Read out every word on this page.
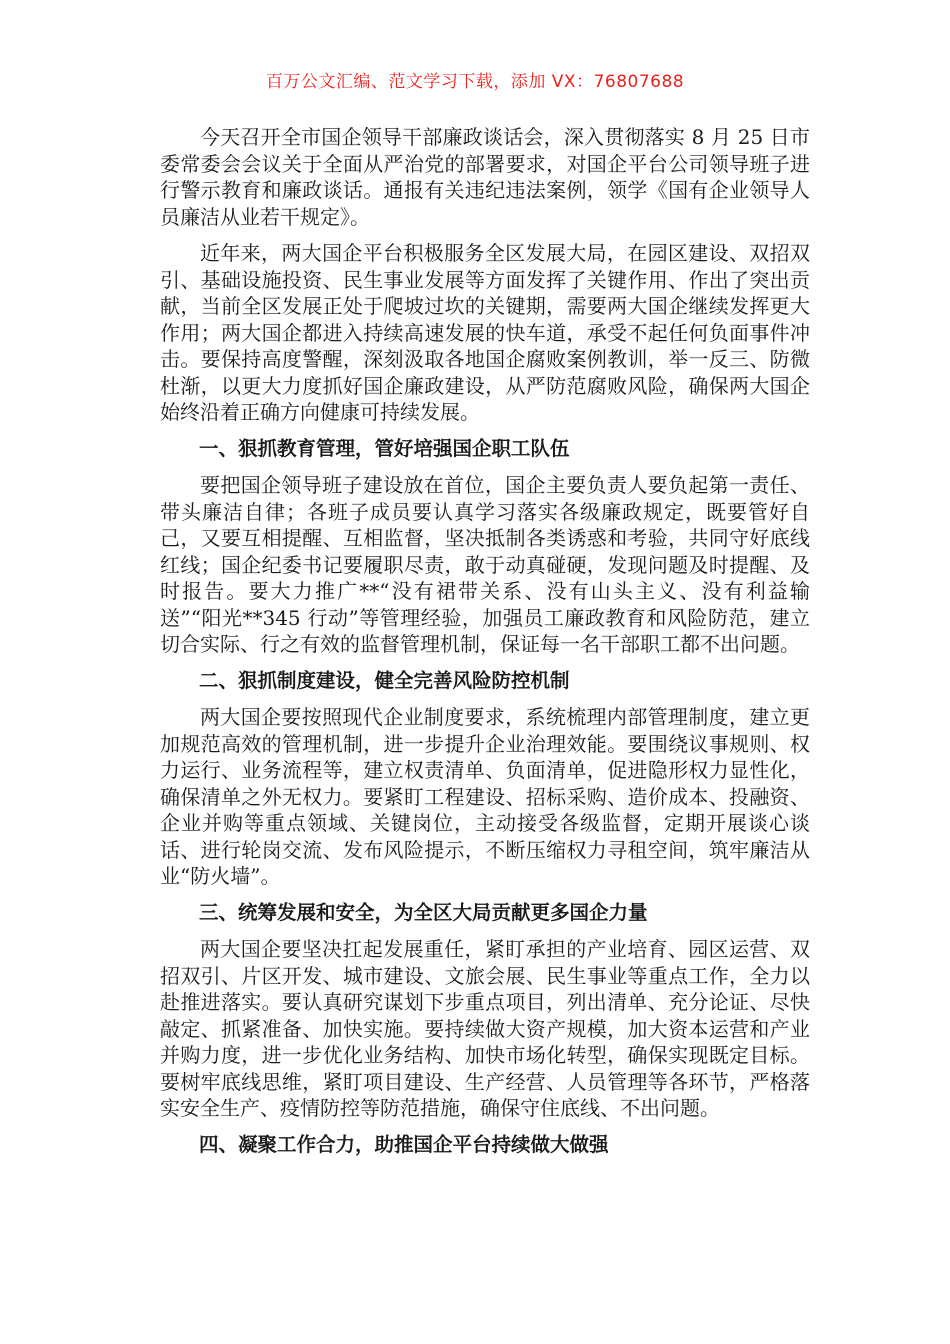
百万公文汇编、范文学习下载，添加 VX：76807688

今天召开全市国企领导干部廉政谈话会，深入贯彻落实 8 月 25 日市委常委会会议关于全面从严治党的部署要求，对国企平台公司领导班子进行警示教育和廉政谈话。通报有关违纪违法案例，领学《国有企业领导人员廉洁从业若干规定》。

近年来，两大国企平台积极服务全区发展大局，在园区建设、双招双引、基础设施投资、民生事业发展等方面发挥了关键作用、作出了突出贡献，当前全区发展正处于爬坡过坎的关键期，需要两大国企继续发挥更大作用；两大国企都进入持续高速发展的快车道，承受不起任何负面事件冲击。要保持高度警醒，深刻汲取各地国企腐败案例教训，举一反三、防微杜渐，以更大力度抓好国企廉政建设，从严防范腐败风险，确保两大国企始终沿着正确方向健康可持续发展。

一、狠抓教育管理，管好培强国企职工队伍

要把国企领导班子建设放在首位，国企主要负责人要负起第一责任、带头廉洁自律；各班子成员要认真学习落实各级廉政规定，既要管好自己，又要互相提醒、互相监督，坚决抵制各类诱惑和考验，共同守好底线红线；国企纪委书记要履职尽责，敢于动真碰硬，发现问题及时提醒、及时报告。要大力推广**“没有裙带关系、没有山头主义、没有利益输送”“阳光**345 行动”等管理经验，加强员工廉政教育和风险防范，建立切合实际、行之有效的监督管理机制，保证每一名干部职工都不出问题。

二、狠抓制度建设，健全完善风险防控机制

两大国企要按照现代企业制度要求，系统梳理内部管理制度，建立更加规范高效的管理机制，进一步提升企业治理效能。要围绕议事规则、权力运行、业务流程等，建立权责清单、负面清单，促进隐形权力显性化，确保清单之外无权力。要紧盯工程建设、招标采购、造价成本、投融资、企业并购等重点领域、关键岗位，主动接受各级监督，定期开展谈心谈话、进行轮岗交流、发布风险提示，不断压缩权力寻租空间，筑牢廉洁从业“防火墙”。

三、统筹发展和安全，为全区大局贡献更多国企力量

两大国企要坚决扛起发展重任，紧盯承担的产业培育、园区运营、双招双引、片区开发、城市建设、文旅会展、民生事业等重点工作，全力以赴推进落实。要认真研究谋划下步重点项目，列出清单、充分论证、尽快敲定、抓紧准备、加快实施。要持续做大资产规模，加大资本运营和产业并购力度，进一步优化业务结构、加快市场化转型，确保实现既定目标。要树牢底线思维，紧盯项目建设、生产经营、人员管理等各环节，严格落实安全生产、疫情防控等防范措施，确保守住底线、不出问题。

四、凝聚工作合力，助推国企平台持续做大做强
